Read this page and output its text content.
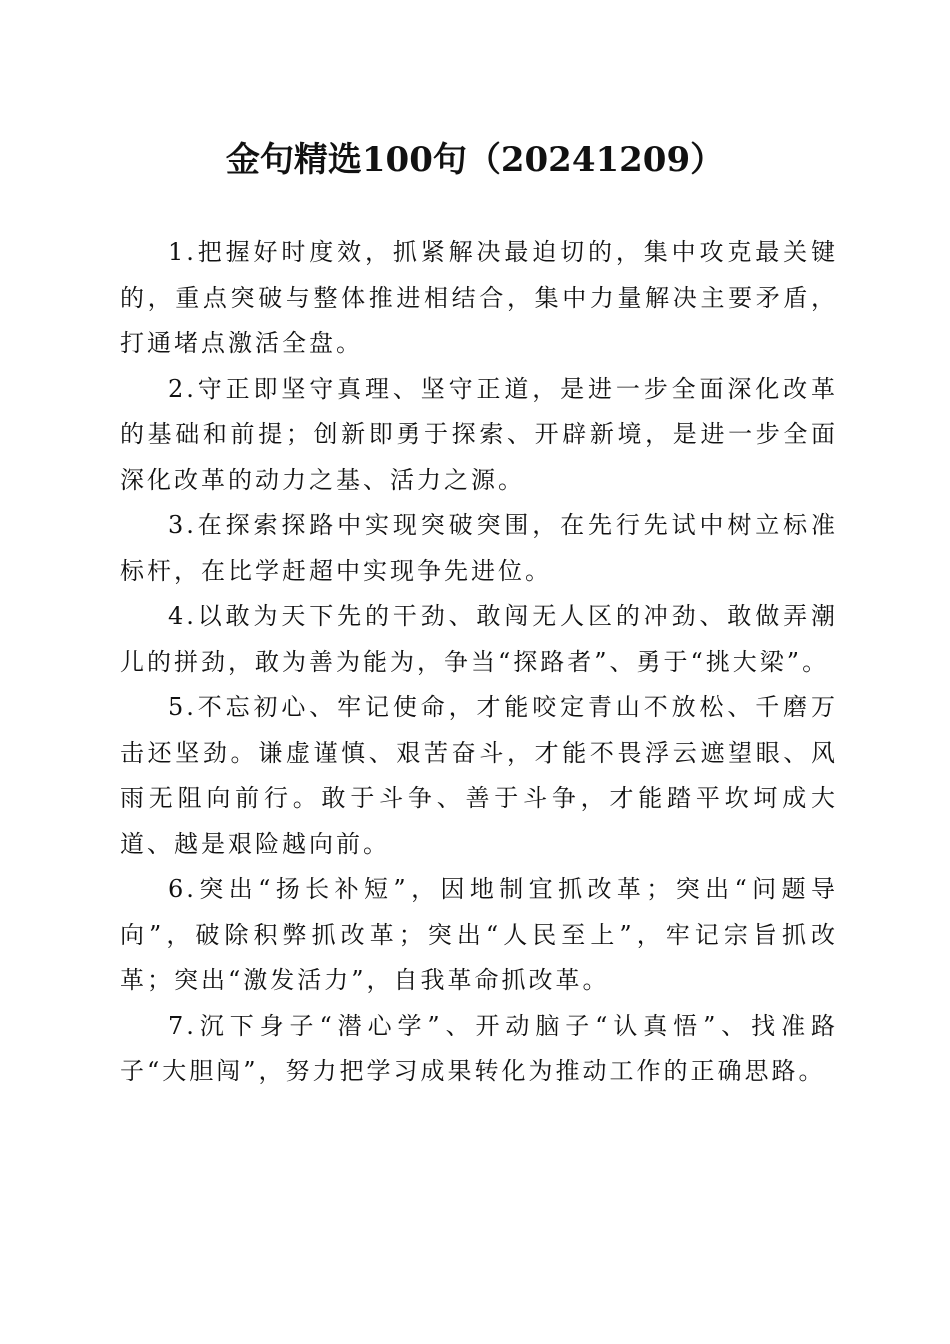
金句精选100句（20241209）

1.把握好时度效，抓紧解决最迫切的，集中攻克最关键的，重点突破与整体推进相结合，集中力量解决主要矛盾，打通堵点激活全盘。

2.守正即坚守真理、坚守正道，是进一步全面深化改革的基础和前提；创新即勇于探索、开辟新境，是进一步全面深化改革的动力之基、活力之源。

3.在探索探路中实现突破突围，在先行先试中树立标准标杆，在比学赶超中实现争先进位。

4.以敢为天下先的干劲、敢闯无人区的冲劲、敢做弄潮儿的拼劲，敢为善为能为，争当“探路者”、勇于“挑大梁”。

5.不忘初心、牢记使命，才能咬定青山不放松、千磨万击还坚劲。谦虚谨慎、艰苦奋斗，才能不畏浮云遮望眼、风雨无阻向前行。敢于斗争、善于斗争，才能踏平坎坷成大道、越是艰险越向前。

6.突出“扬长补短”，因地制宜抓改革；突出“问题导向”，破除积弊抓改革；突出“人民至上”，牢记宗旨抓改革；突出“激发活力”，自我革命抓改革。

7.沉下身子“潜心学”、开动脑子“认真悟”、找准路子“大胆闯”，努力把学习成果转化为推动工作的正确思路。
